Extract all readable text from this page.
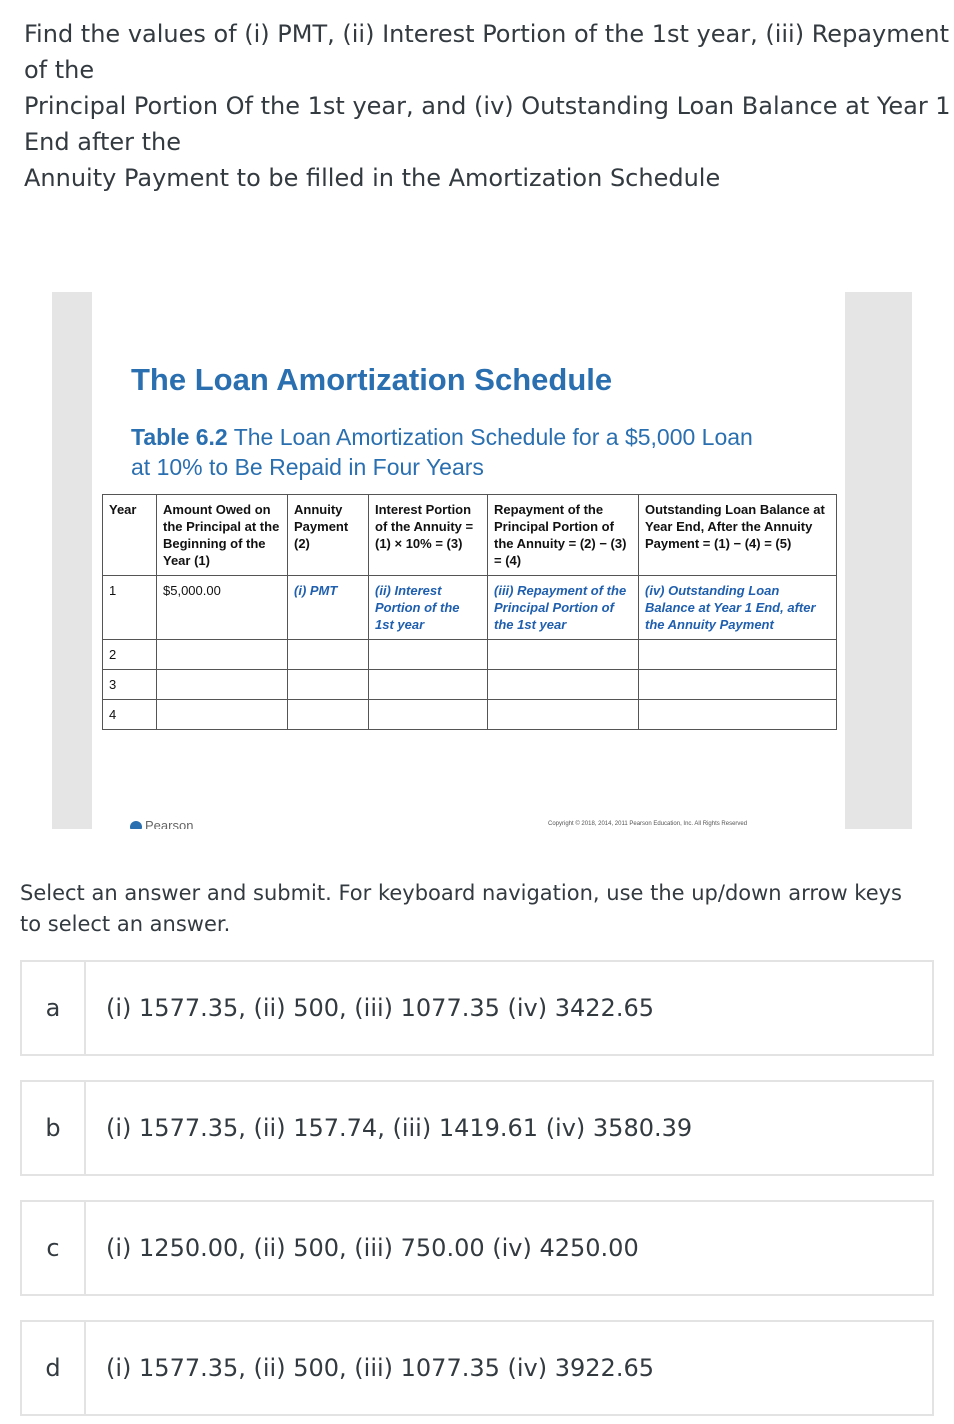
Find the values of (i) PMT, (ii) Interest Portion of the 1st year, (iii) Repayment
of the
Principal Portion Of the 1st year, and (iv) Outstanding Loan Balance at Year 1
End after the
Annuity Payment to be filled in the Amortization Schedule
The Loan Amortization Schedule
Table 6.2 The Loan Amortization Schedule for a $5,000 Loan at 10% to Be Repaid in Four Years
Year	Amount Owed on the Principal at the Beginning of the Year (1)	Annuity Payment (2)	Interest Portion of the Annuity = (1) × 10% = (3)	Repayment of the Principal Portion of the Annuity = (2) − (3) = (4)	Outstanding Loan Balance at Year End, After the Annuity Payment = (1) − (4) = (5)
1	$5,000.00	(i) PMT	(ii) Interest Portion of the 1st year	(iii) Repayment of the Principal Portion of the 1st year	(iv) Outstanding Loan Balance at Year 1 End, after the Annuity Payment
2					
3					
4					
Pearson	Copyright © 2018, 2014, 2011 Pearson Education, Inc. All Rights Reserved
Select an answer and submit. For keyboard navigation, use the up/down arrow keys to select an answer.
a	(i) 1577.35, (ii) 500, (iii) 1077.35 (iv) 3422.65
b	(i) 1577.35, (ii) 157.74, (iii) 1419.61 (iv) 3580.39
c	(i) 1250.00, (ii) 500, (iii) 750.00 (iv) 4250.00
d	(i) 1577.35, (ii) 500, (iii) 1077.35 (iv) 3922.65
